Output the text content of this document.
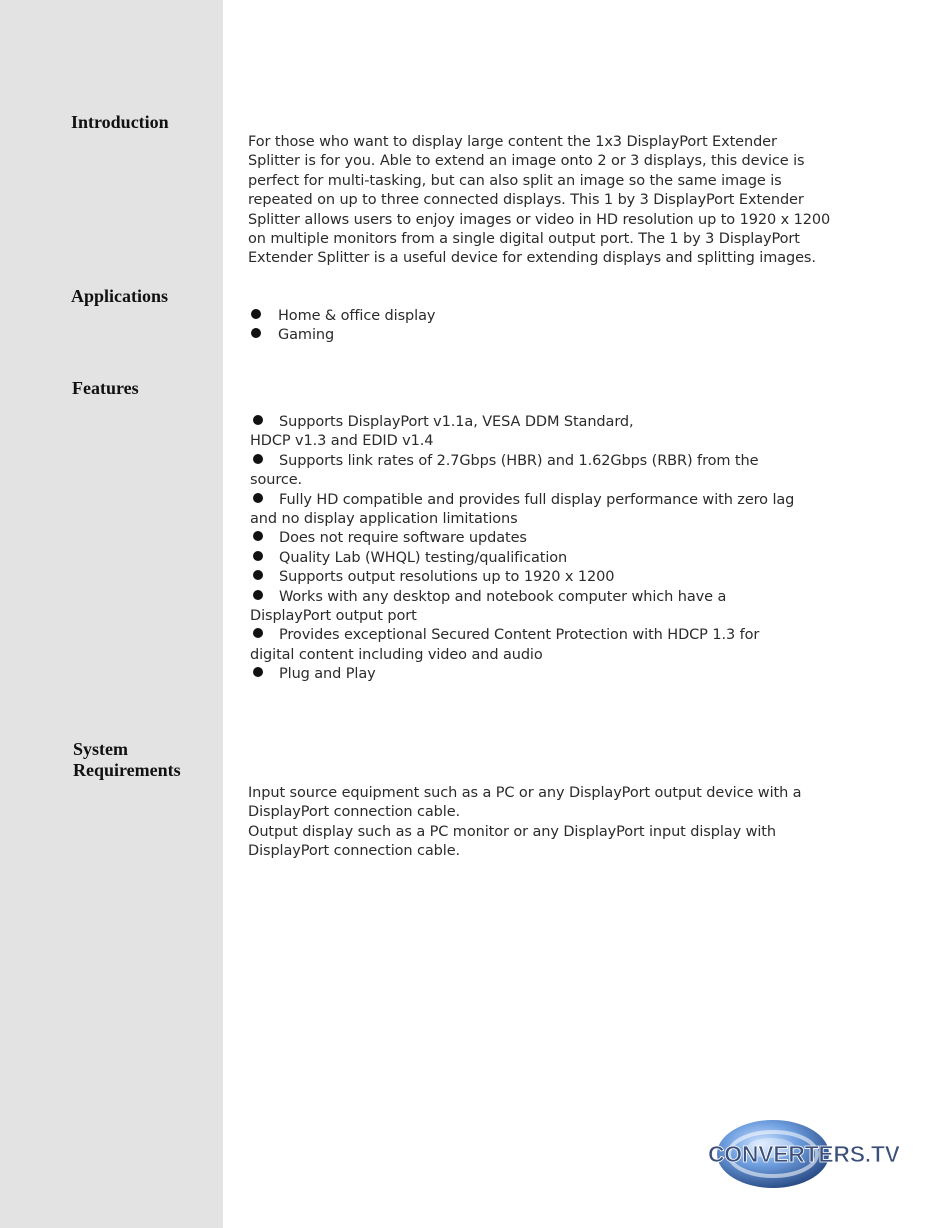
Introduction
For those who want to display large content the 1x3 DisplayPort Extender
Splitter is for you. Able to extend an image onto 2 or 3 displays, this device is
perfect for multi-tasking, but can also split an image so the same image is
repeated on up to three connected displays. This 1 by 3 DisplayPort Extender
Splitter allows users to enjoy images or video in HD resolution up to 1920 x 1200
on multiple monitors from a single digital output port. The 1 by 3 DisplayPort
Extender Splitter is a useful device for extending displays and splitting images.
Applications
Home & office display
Gaming
Features
Supports DisplayPort v1.1a, VESA DDM Standard,
HDCP v1.3 and EDID v1.4
Supports link rates of 2.7Gbps (HBR) and 1.62Gbps (RBR) from the
source.
Fully HD compatible and provides full display performance with zero lag
and no display application limitations
Does not require software updates
Quality Lab (WHQL) testing/qualification
Supports output resolutions up to 1920 x 1200
Works with any desktop and notebook computer which have a
DisplayPort output port
Provides exceptional Secured Content Protection with HDCP 1.3 for
digital content including video and audio
Plug and Play
System
Requirements
Input source equipment such as a PC or any DisplayPort output device with a
DisplayPort connection cable.
Output display such as a PC monitor or any DisplayPort input display with
DisplayPort connection cable.
CONVERTERS.TV
